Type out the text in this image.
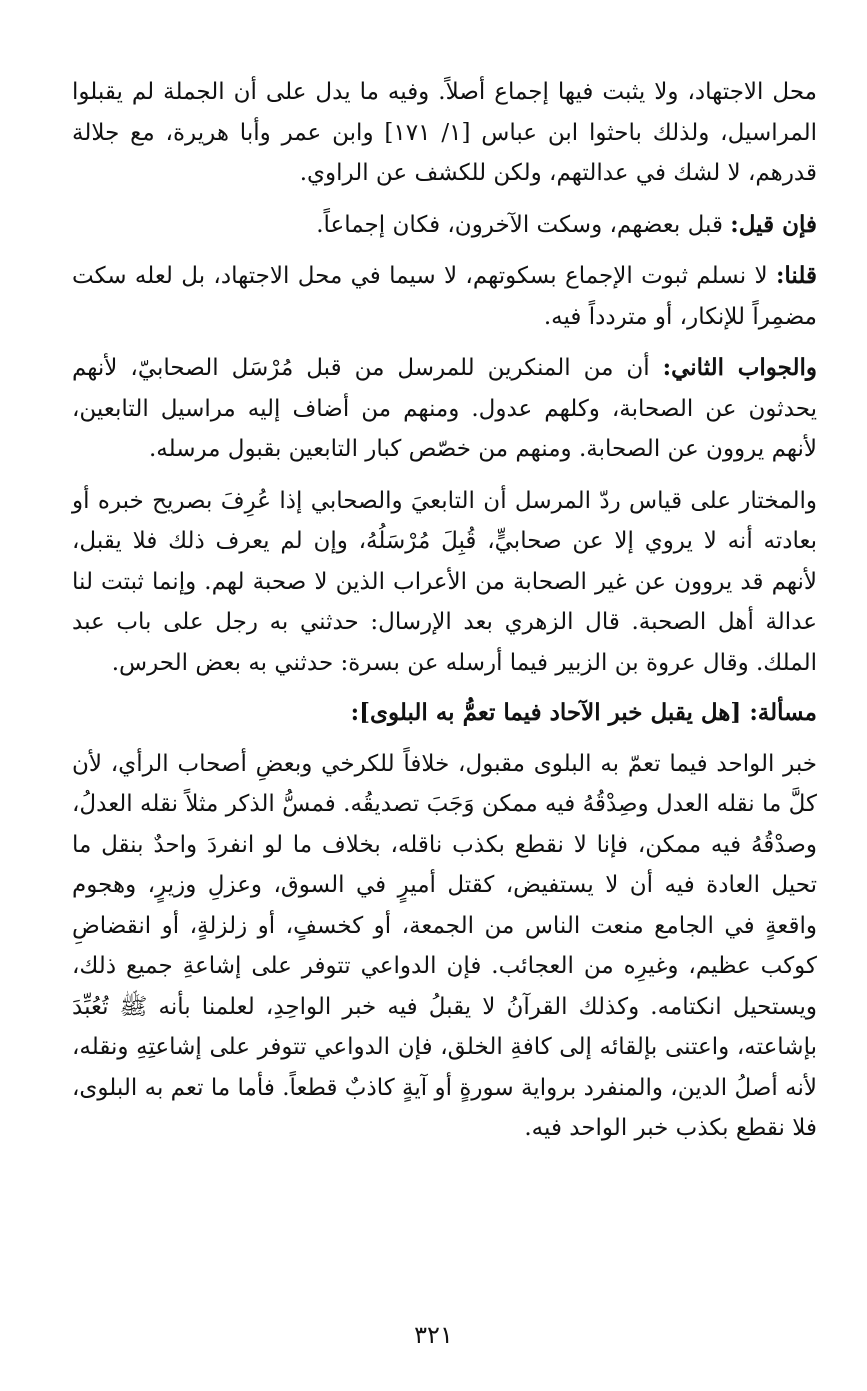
محل الاجتهاد، ولا يثبت فيها إجماع أصلاً. وفيه ما يدل على أن الجملة لم يقبلوا المراسيل، ولذلك باحثوا ابن عباس [١/ ١٧١] وابن عمر وأبا هريرة، مع جلالة قدرهم، لا لشك في عدالتهم، ولكن للكشف عن الراوي.

فإن قيل: قبل بعضهم، وسكت الآخرون، فكان إجماعاً.

قلنا: لا نسلم ثبوت الإجماع بسكوتهم، لا سيما في محل الاجتهاد، بل لعله سكت مضمِراً للإنكار، أو متردداً فيه.

والجواب الثاني: أن من المنكرين للمرسل من قبل مُرْسَل الصحابيّ، لأنهم يحدثون عن الصحابة، وكلهم عدول. ومنهم من أضاف إليه مراسيل التابعين، لأنهم يروون عن الصحابة. ومنهم من خصّص كبار التابعين بقبول مرسله.

والمختار على قياس ردّ المرسل أن التابعيَ والصحابي إذا عُرِفَ بصريح خبره أو بعادته أنه لا يروي إلا عن صحابيٍّ، قُبِلَ مُرْسَلُهُ، وإن لم يعرف ذلك فلا يقبل، لأنهم قد يروون عن غير الصحابة من الأعراب الذين لا صحبة لهم. وإنما ثبتت لنا عدالة أهل الصحبة. قال الزهري بعد الإرسال: حدثني به رجل على باب عبد الملك. وقال عروة بن الزبير فيما أرسله عن بسرة: حدثني به بعض الحرس.

مسألة: [هل يقبل خبر الآحاد فيما تعمُّ به البلوى]:

خبر الواحد فيما تعمّ به البلوى مقبول، خلافاً للكرخي وبعضِ أصحاب الرأي، لأن كلَّ ما نقله العدل وصِدْقُهُ فيه ممكن وَجَبَ تصديقُه. فمسُّ الذكر مثلاً نقله العدلُ، وصدْقُهُ فيه ممكن، فإنا لا نقطع بكذب ناقله، بخلاف ما لو انفردَ واحدٌ بنقل ما تحيل العادة فيه أن لا يستفيض، كقتل أميرٍ في السوق، وعزلِ وزيرٍ، وهجوم واقعةٍ في الجامع منعت الناس من الجمعة، أو كخسفٍ، أو زلزلةٍ، أو انقضاضِ كوكب عظيم، وغيرِه من العجائب. فإن الدواعي تتوفر على إشاعةِ جميع ذلك، ويستحيل انكتامه. وكذلك القرآنُ لا يقبلُ فيه خبر الواحِدِ، لعلمنا بأنه ﷺ تُعُبِّدَ بإشاعته، واعتنى بإلقائه إلى كافةِ الخلق، فإن الدواعي تتوفر على إشاعتِهِ ونقله، لأنه أصلُ الدين، والمنفرد برواية سورةٍ أو آيةٍ كاذبٌ قطعاً. فأما ما تعم به البلوى، فلا نقطع بكذب خبر الواحد فيه.

٣٢١
